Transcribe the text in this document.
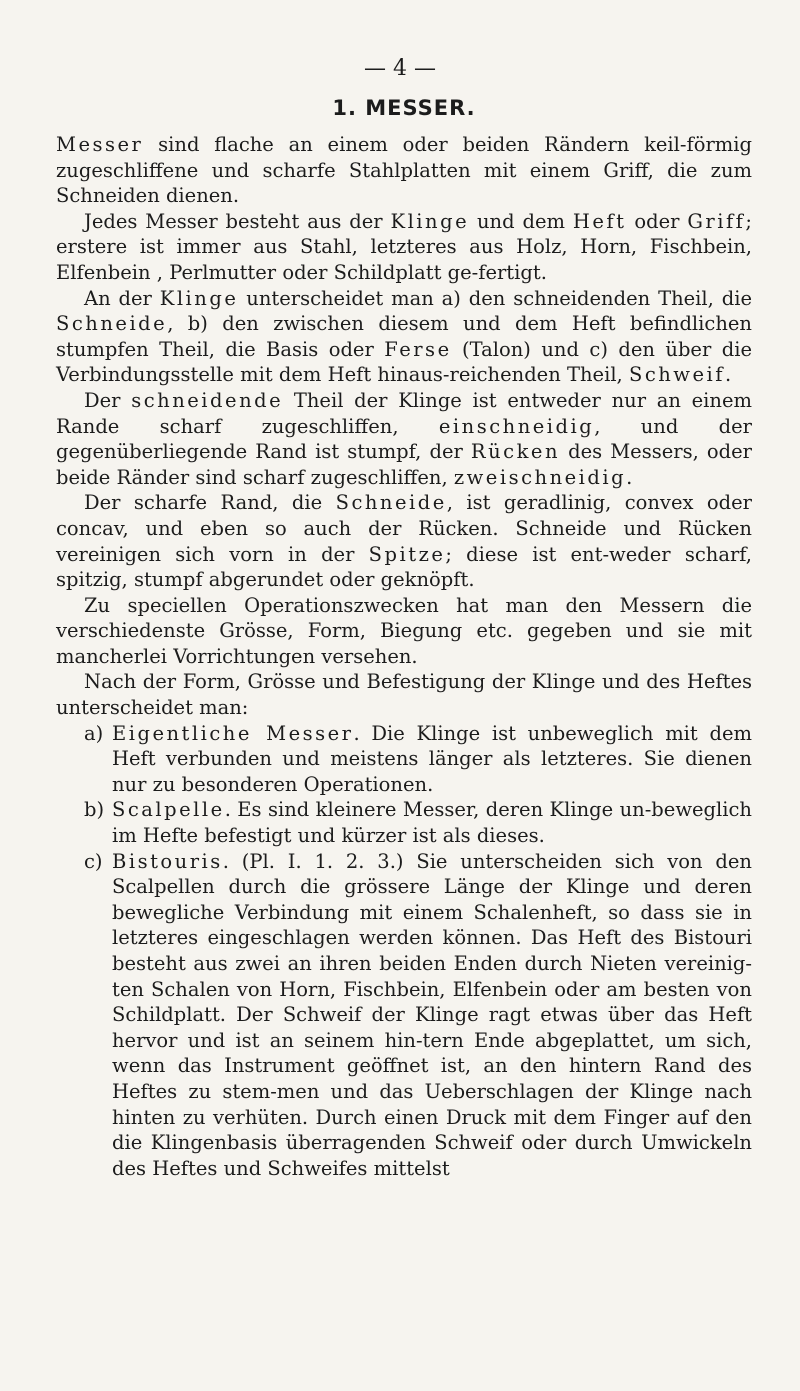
— 4 —
1. MESSER.

Messer sind flache an einem oder beiden Rändern keil-förmig zugeschliffene und scharfe Stahlplatten mit einem Griff, die zum Schneiden dienen.

Jedes Messer besteht aus der Klinge und dem Heft oder Griff; erstere ist immer aus Stahl, letzteres aus Holz, Horn, Fischbein, Elfenbein , Perlmutter oder Schildplatt ge-fertigt.

An der Klinge unterscheidet man a) den schneidenden Theil, die Schneide, b) den zwischen diesem und dem Heft befindlichen stumpfen Theil, die Basis oder Ferse (Talon) und c) den über die Verbindungsstelle mit dem Heft hinaus-reichenden Theil, Schweif.

Der schneidende Theil der Klinge ist entweder nur an einem Rande scharf zugeschliffen, einschneidig, und der gegenüberliegende Rand ist stumpf, der Rücken des Messers, oder beide Ränder sind scharf zugeschliffen, zweischneidig.

Der scharfe Rand, die Schneide, ist geradlinig, convex oder concav, und eben so auch der Rücken. Schneide und Rücken vereinigen sich vorn in der Spitze; diese ist ent-weder scharf, spitzig, stumpf abgerundet oder geknöpft.

Zu speciellen Operationszwecken hat man den Messern die verschiedenste Grösse, Form, Biegung etc. gegeben und sie mit mancherlei Vorrichtungen versehen.

Nach der Form, Grösse und Befestigung der Klinge und des Heftes unterscheidet man:

a) Eigentliche Messer. Die Klinge ist unbeweglich mit dem Heft verbunden und meistens länger als letzteres. Sie dienen nur zu besonderen Operationen.
b) Scalpelle. Es sind kleinere Messer, deren Klinge un-beweglich im Hefte befestigt und kürzer ist als dieses.
c) Bistouris. (Pl. I. 1. 2. 3.) Sie unterscheiden sich von den Scalpellen durch die grössere Länge der Klinge und deren bewegliche Verbindung mit einem Schalenheft, so dass sie in letzteres eingeschlagen werden können. Das Heft des Bistouri besteht aus zwei an ihren beiden Enden durch Nieten vereinig-ten Schalen von Horn, Fischbein, Elfenbein oder am besten von Schildplatt. Der Schweif der Klinge ragt etwas über das Heft hervor und ist an seinem hin-tern Ende abgeplattet, um sich, wenn das Instrument geöffnet ist, an den hintern Rand des Heftes zu stem-men und das Ueberschlagen der Klinge nach hinten zu verhüten. Durch einen Druck mit dem Finger auf den die Klingenbasis überragenden Schweif oder durch Umwickeln des Heftes und Schweifes mittelst
